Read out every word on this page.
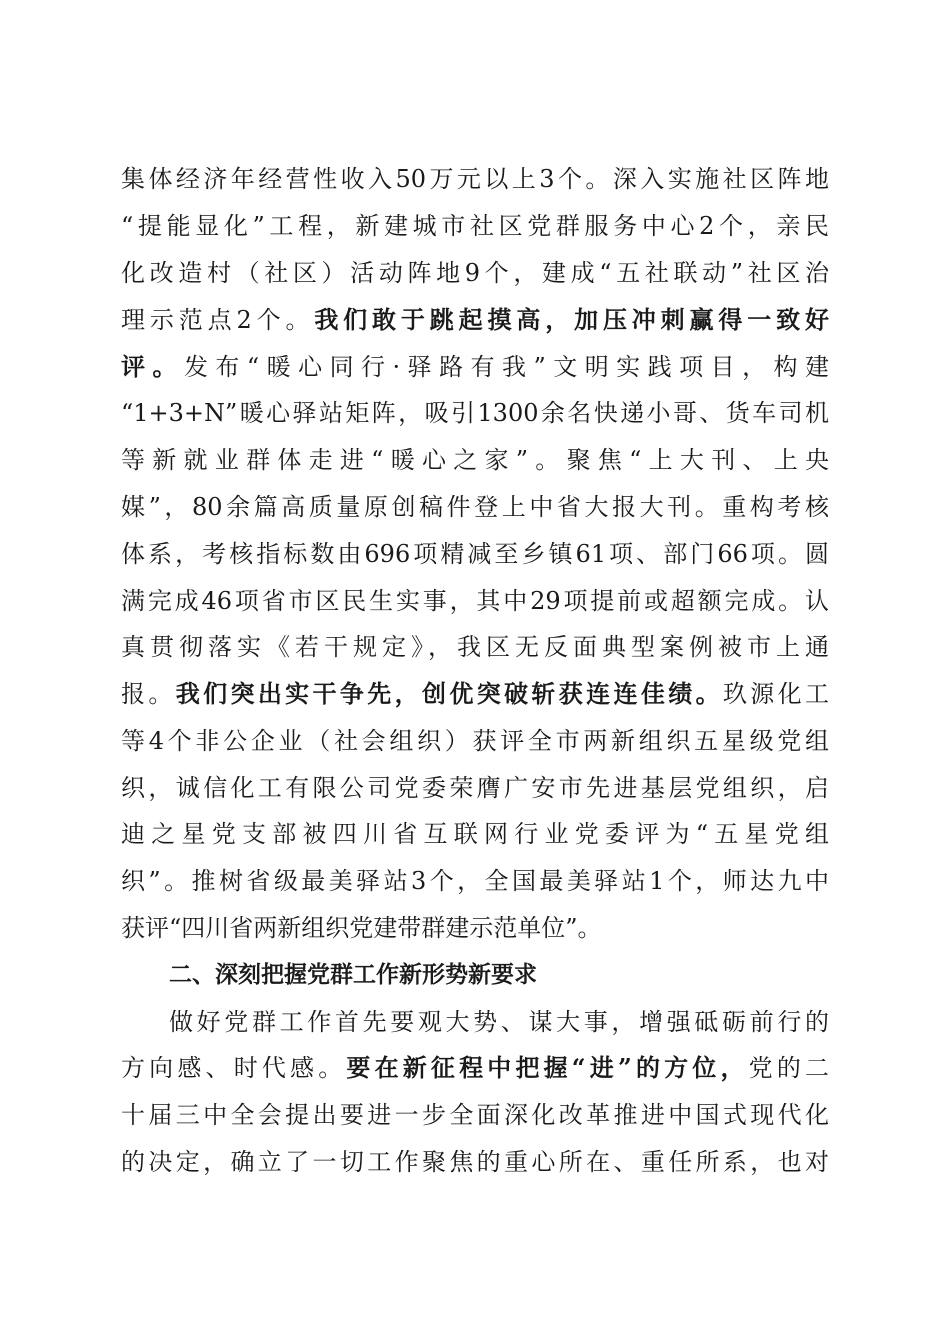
集体经济年经营性收入50万元以上3个。深入实施社区阵地
“提能显化”工程，新建城市社区党群服务中心2个，亲民
化改造村（社区）活动阵地9个，建成“五社联动”社区治
理示范点2个。我们敢于跳起摸高，加压冲刺赢得一致好
评。发布“暖心同行·驿路有我”文明实践项目，构建
“1+3+N”暖心驿站矩阵，吸引1300余名快递小哥、货车司机
等新就业群体走进“暖心之家”。聚焦“上大刊、上央
媒”，80余篇高质量原创稿件登上中省大报大刊。重构考核
体系，考核指标数由696项精减至乡镇61项、部门66项。圆
满完成46项省市区民生实事，其中29项提前或超额完成。认
真贯彻落实《若干规定》，我区无反面典型案例被市上通
报。我们突出实干争先，创优突破斩获连连佳绩。玖源化工
等4个非公企业（社会组织）获评全市两新组织五星级党组
织，诚信化工有限公司党委荣膺广安市先进基层党组织，启
迪之星党支部被四川省互联网行业党委评为“五星党组
织”。推树省级最美驿站3个，全国最美驿站1个，师达九中
获评“四川省两新组织党建带群建示范单位”。
二、深刻把握党群工作新形势新要求
做好党群工作首先要观大势、谋大事，增强砥砺前行的
方向感、时代感。要在新征程中把握“进”的方位，党的二
十届三中全会提出要进一步全面深化改革推进中国式现代化
的决定，确立了一切工作聚焦的重心所在、重任所系，也对
